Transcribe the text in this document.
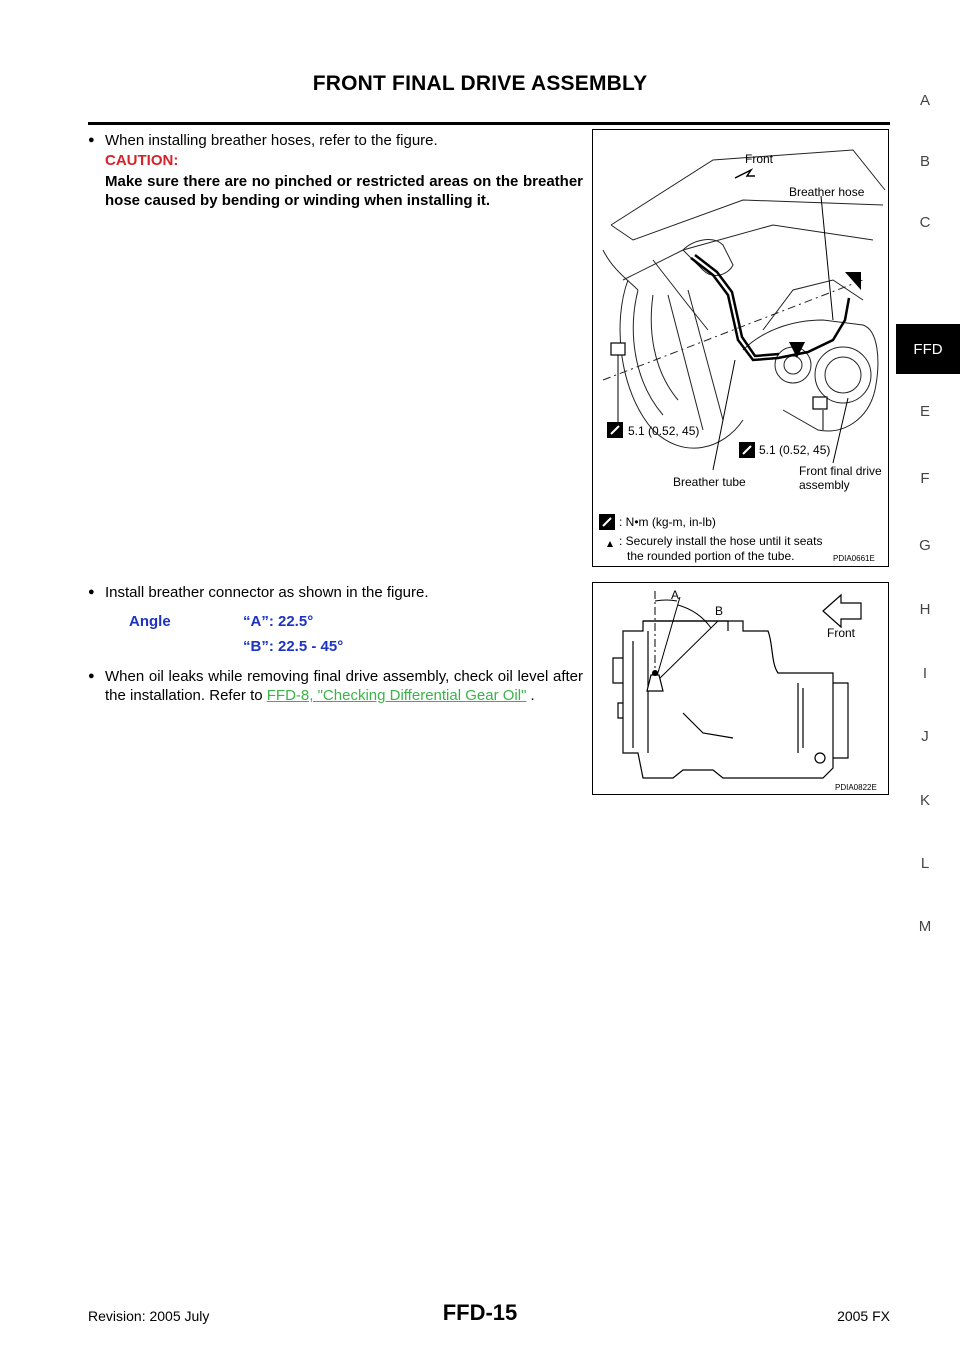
FRONT FINAL DRIVE ASSEMBLY
● When installing breather hoses, refer to the figure.
CAUTION:
Make sure there are no pinched or restricted areas on the breather hose caused by bending or winding when installing it.
● Install breather connector as shown in the figure.
Angle	“A”: 22.5°
“B”: 22.5 - 45°
● When oil leaks while removing final drive assembly, check oil level after the installation. Refer to FFD-8, "Checking Differential Gear Oil" .
Front
Breather hose
5.1 (0.52, 45)
5.1 (0.52, 45)
Breather tube
Front final drive
assembly
: N•m (kg-m, in-lb)
: Securely install the hose until it seats
the rounded portion of the tube.	PDIA0661E
A
B
Front
PDIA0822E
A
B
C
FFD
E
F
G
H
I
J
K
L
M
Revision: 2005 July	FFD-15	2005 FX
